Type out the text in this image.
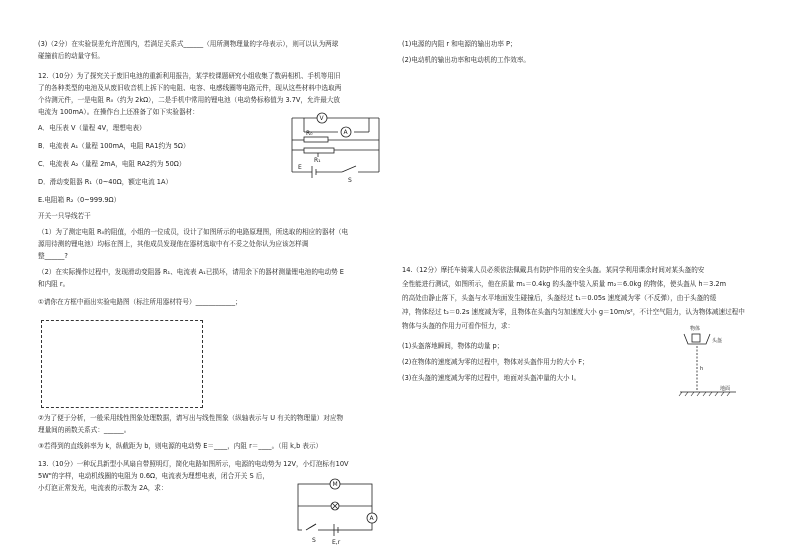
(3)（2分）在实验误差允许范围内，若满足关系式______（用所测物理量的字母表示），则可以认为两球
碰撞前后的动量守恒。
12.（10分）为了探究关于废旧电池的重新利用报告，某学校课题研究小组收集了数码相机、手机等用旧
了的各种类型的电池及从废旧收音机上拆下的电阻、电容、电感线圈等电路元件，现从这些材料中选取两
个待测元件，一是电阻 R₀（约为 2kΩ），二是手机中常用的锂电池（电动势标称值为 3.7V，允许最大放
电流为 100mA）。在操作台上还准备了如下实验器材：
A．电压表 V（量程 4V，理想电表）
B．电流表 A₁（量程 100mA，电阻 RA1约为 5Ω）
C．电流表 A₂（量程 2mA，电阻 RA2约为 50Ω）
D．滑动变阻器 R₁（0~40Ω，额定电流 1A）
E.电阻箱 R₂（0~999.9Ω）
开关一只导线若干
（1）为了测定电阻 R₀的阻值，小组的一位成员，设计了如图所示的电路原理图，所选取的相应的器材（电
源用待测的锂电池）均标在图上，其他成员发现他在器材选取中有不妥之处你认为应该怎样调
整______?
（2）在实际操作过程中，发现滑动变阻器 R₁、电流表 A₁已损坏，请用余下的器材测量锂电池的电动势 E
和内阻 r。
①请你在方框中画出实验电路图（标注所用器材符号）____________；
②为了便于分析，一般采用线性图象处理数据，请写出与线性图象（纵轴表示与 U 有关的物理量）对应物
理量间的函数关系式：______。
③若得到的直线斜率为 k，纵截距为 b，则电源的电动势 E＝____，内阻 r＝____。（用 k,b 表示）
13.（10分）一种玩具新型小风扇自带照明灯，简化电路如图所示，电源的电动势为 12V，小灯泡标有10V
5W"的字样，电动机线圈的电阻为 0.6Ω，电流表为理想电表，闭合开关 S 后，
小灯泡正常发光，电流表的示数为 2A，求：
V
A
R₀
R₁
E
S
M
A
S	E,r
(1)电源的内阻 r 和电源的输出功率 P；
(2)电动机的输出功率和电动机的工作效率。
14.（12分）摩托车骑乘人员必须依法佩戴具有防护作用的安全头盔。某同学利用课余时间对某头盔的安
全性能进行测试，如图所示，他在质量 m₁＝0.4kg 的头盔中装入质量 m₂＝6.0kg 的物体，使头盔从 h＝3.2m
的高处由静止落下，头盔与水平地面发生碰撞后，头盔经过 t₁＝0.05s 速度减为零（不反弹），由于头盔的缓
冲，物体经过 t₂＝0.2s 速度减为零，且物体在头盔内匀加速度大小 g＝10m/s²，不计空气阻力，认为物体减速过程中
物体与头盔的作用力可看作恒力，求：
(1)头盔落地瞬间，物体的动量 p；
(2)在物体的速度减为零的过程中，物体对头盔作用力的大小 F；
(3)在头盔的速度减为零的过程中，地面对头盔冲量的大小 I。
物体
头盔
h
地面
